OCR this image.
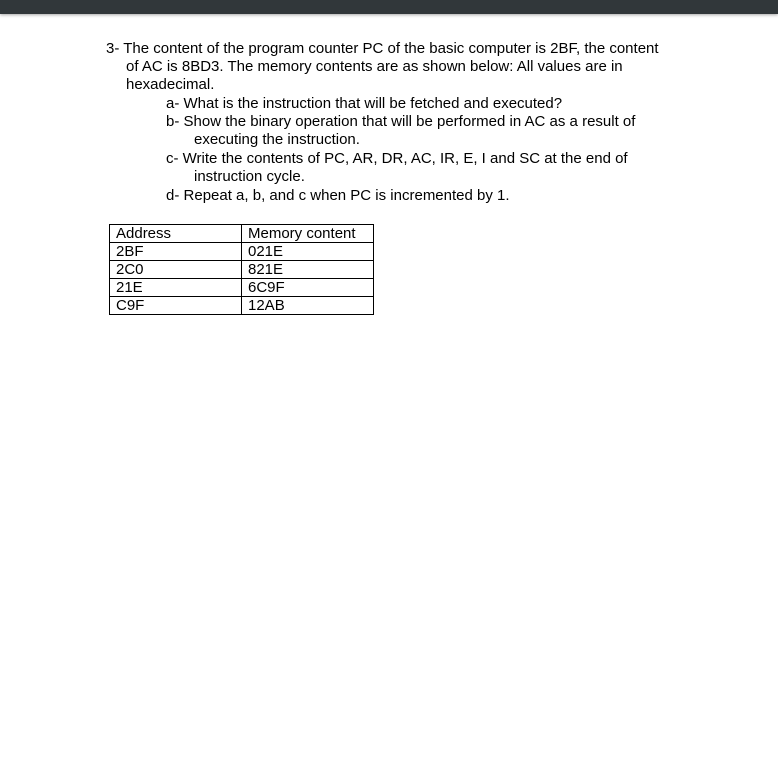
3- The content of the program counter PC of the basic computer is 2BF, the content
of AC is 8BD3. The memory contents are as shown below: All values are in
hexadecimal.
a- What is the instruction that will be fetched and executed?
b- Show the binary operation that will be performed in AC as a result of
executing the instruction.
c- Write the contents of PC, AR, DR, AC, IR, E, I and SC at the end of
instruction cycle.
d- Repeat a, b, and c when PC is incremented by 1.
Address	Memory content
2BF	021E
2C0	821E
21E	6C9F
C9F	12AB
